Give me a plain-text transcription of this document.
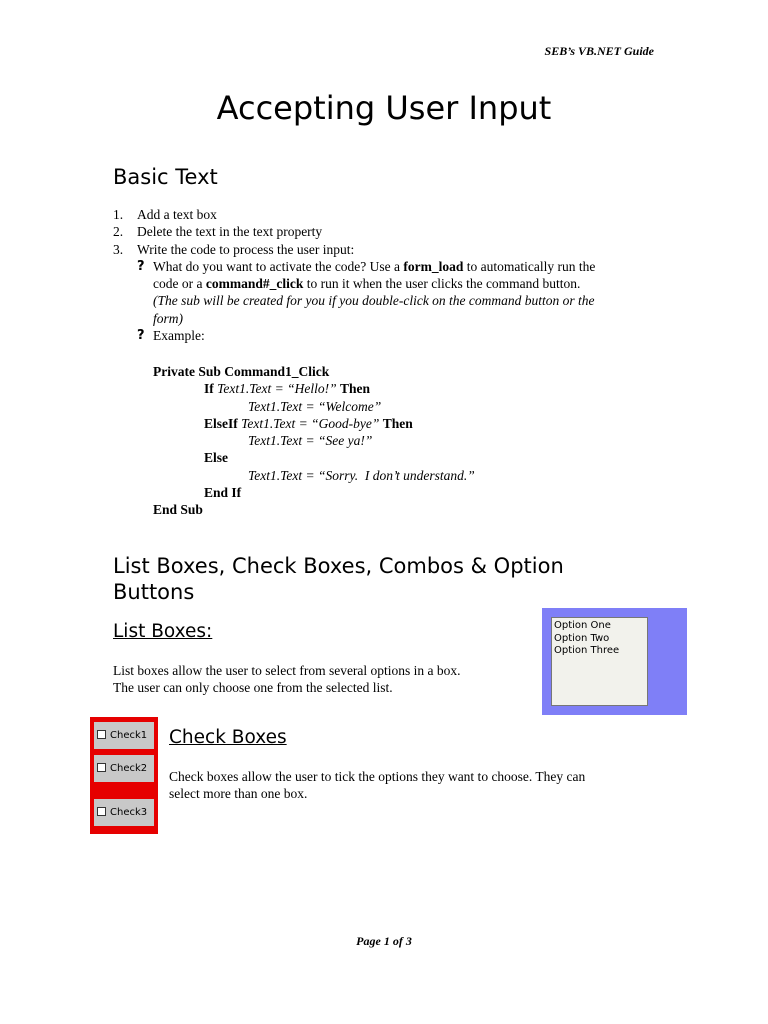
SEB’s VB.NET Guide
Accepting User Input
Basic Text
1. Add a text box
2. Delete the text in the text property
3. Write the code to process the user input:
? What do you want to activate the code? Use a form_load to automatically run the
code or a command#_click to run it when the user clicks the command button.
(The sub will be created for you if you double-click on the command button or the
form)
? Example:
Private Sub Command1_Click
If Text1.Text = “Hello!” Then
Text1.Text = “Welcome”
ElseIf Text1.Text = “Good-bye” Then
Text1.Text = “See ya!”
Else
Text1.Text = “Sorry.  I don’t understand.”
End If
End Sub
List Boxes, Check Boxes, Combos & Option
Buttons
List Boxes:
List boxes allow the user to select from several options in a box.
The user can only choose one from the selected list.
Option One
Option Two
Option Three
Check1
Check2
Check3
Check Boxes
Check boxes allow the user to tick the options they want to choose. They can
select more than one box.
Page 1 of 3
